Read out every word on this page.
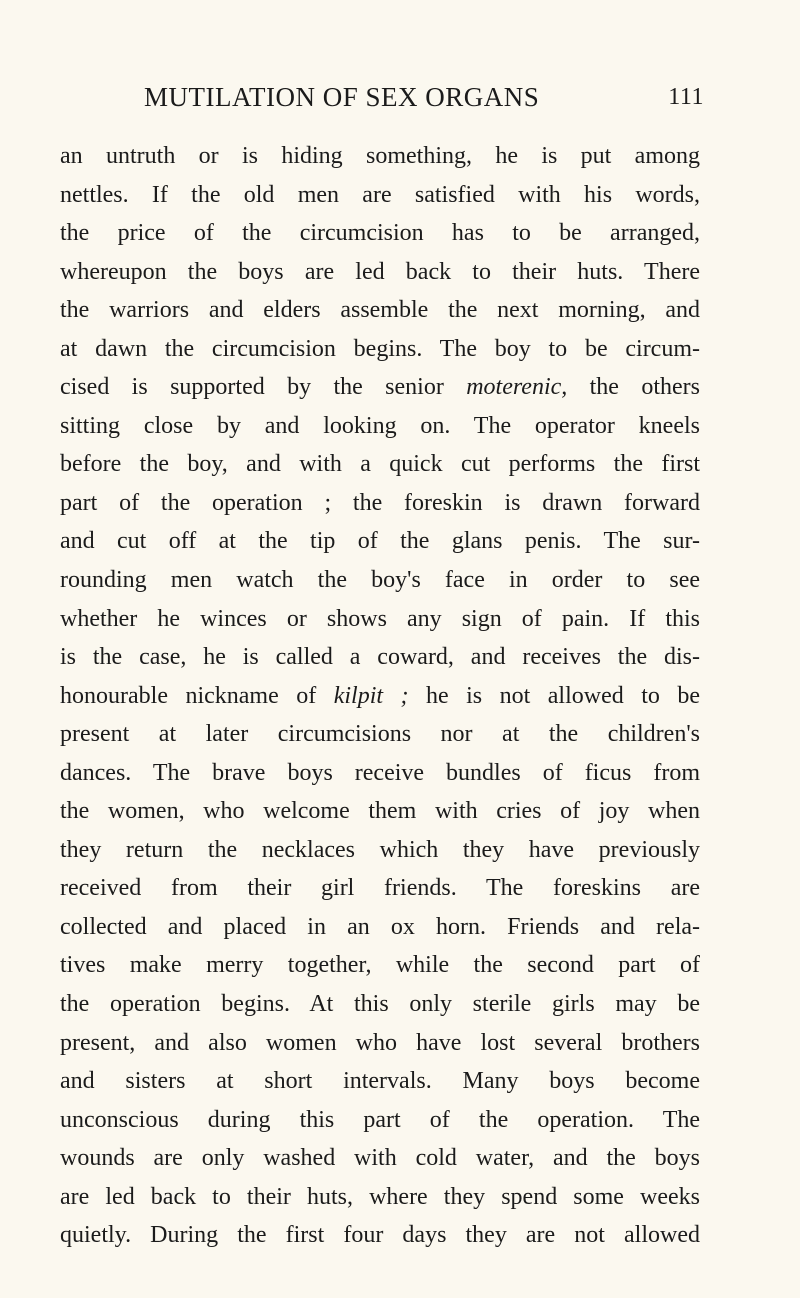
MUTILATION OF SEX ORGANS	111
an untruth or is hiding something, he is put among
nettles. If the old men are satisfied with his words,
the price of the circumcision has to be arranged,
whereupon the boys are led back to their huts. There
the warriors and elders assemble the next morning, and
at dawn the circumcision begins. The boy to be circum-
cised is supported by the senior moterenic, the others
sitting close by and looking on. The operator kneels
before the boy, and with a quick cut performs the first
part of the operation ; the foreskin is drawn forward
and cut off at the tip of the glans penis. The sur-
rounding men watch the boy's face in order to see
whether he winces or shows any sign of pain. If this
is the case, he is called a coward, and receives the dis-
honourable nickname of kilpit ; he is not allowed to be
present at later circumcisions nor at the children's
dances. The brave boys receive bundles of ficus from
the women, who welcome them with cries of joy when
they return the necklaces which they have previously
received from their girl friends. The foreskins are
collected and placed in an ox horn. Friends and rela-
tives make merry together, while the second part of
the operation begins. At this only sterile girls may be
present, and also women who have lost several brothers
and sisters at short intervals. Many boys become
unconscious during this part of the operation. The
wounds are only washed with cold water, and the boys
are led back to their huts, where they spend some weeks
quietly. During the first four days they are not allowed
